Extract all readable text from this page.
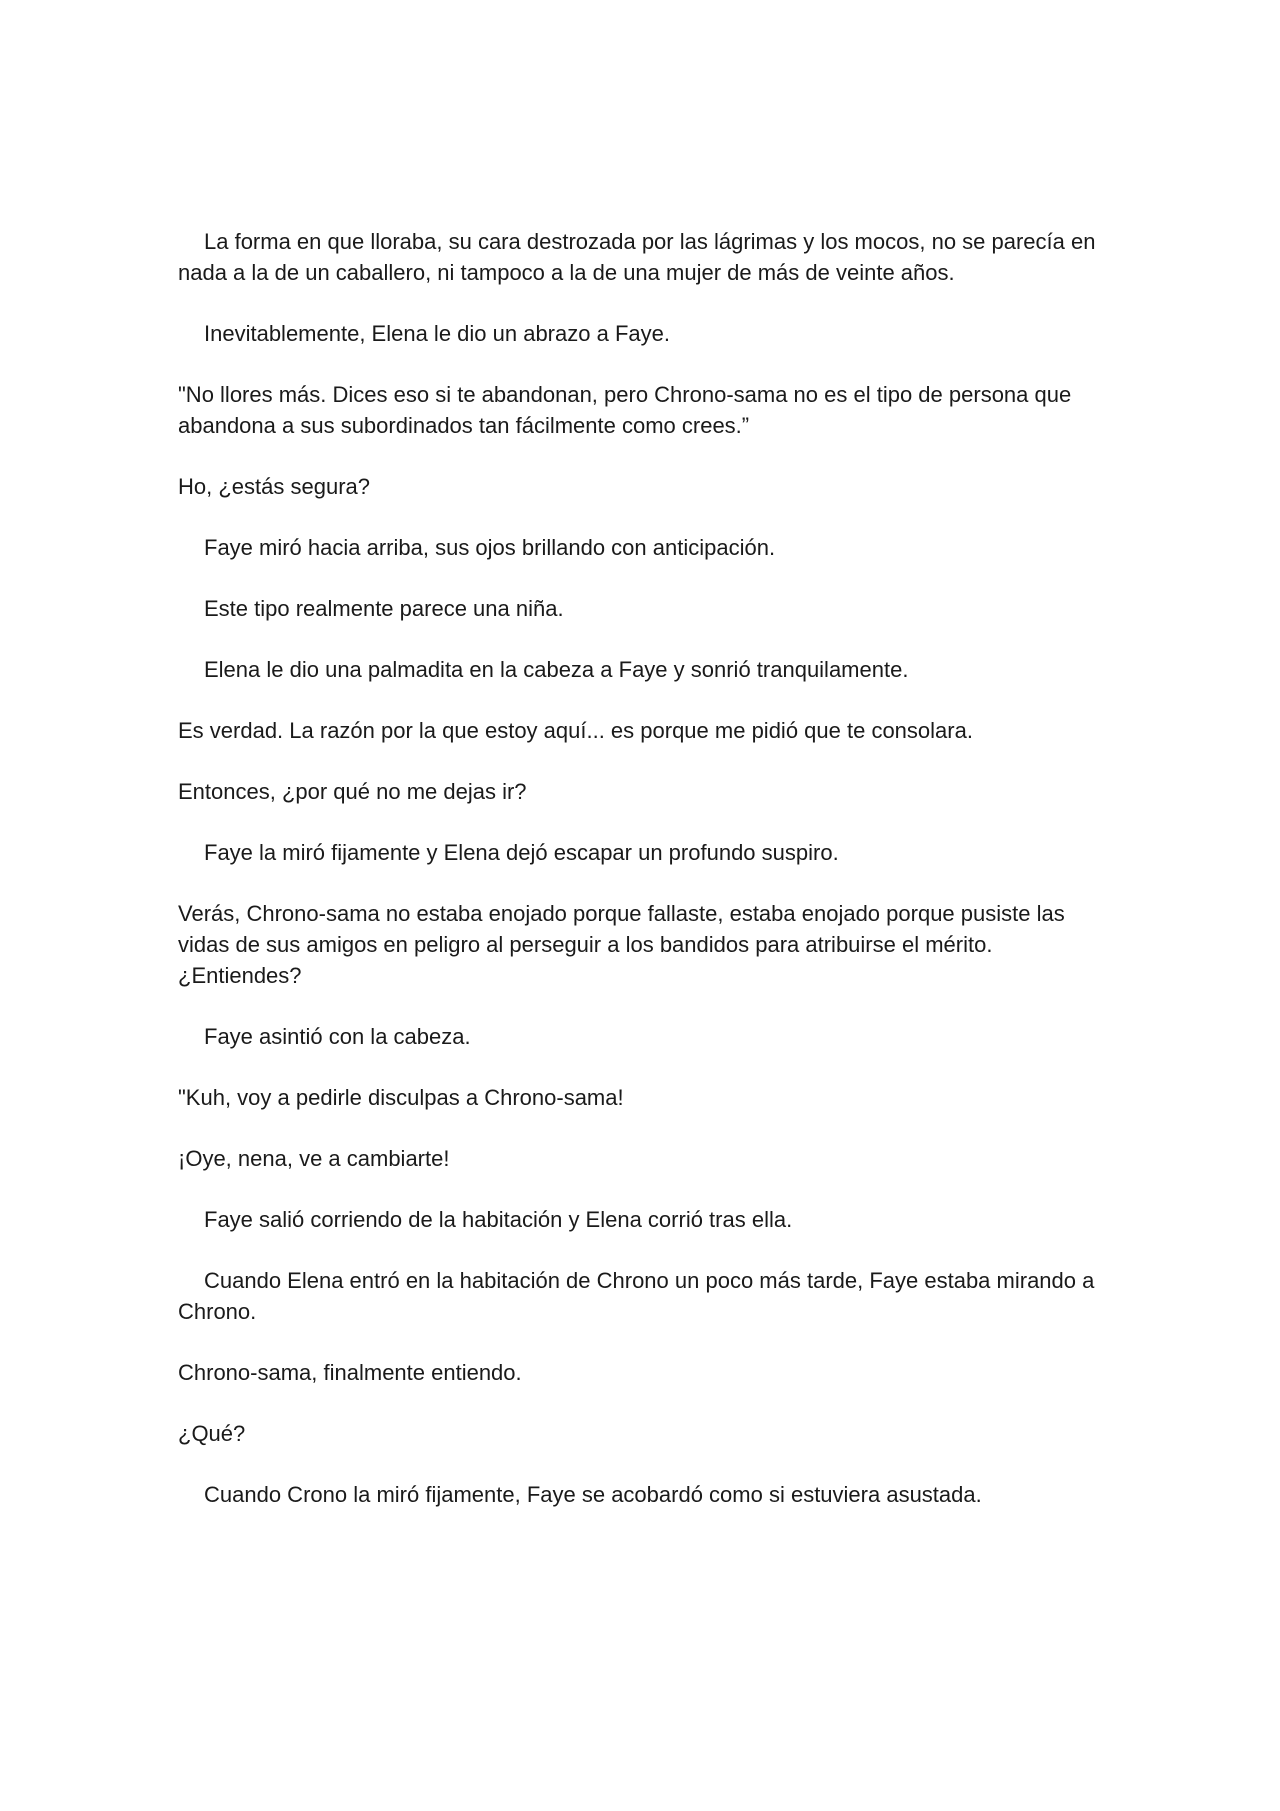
La forma en que lloraba, su cara destrozada por las lágrimas y los mocos, no se parecía en nada a la de un caballero, ni tampoco a la de una mujer de más de veinte años.

Inevitablemente, Elena le dio un abrazo a Faye.

"No llores más. Dices eso si te abandonan, pero Chrono-sama no es el tipo de persona que abandona a sus subordinados tan fácilmente como crees.”

Ho, ¿estás segura?

Faye miró hacia arriba, sus ojos brillando con anticipación.

Este tipo realmente parece una niña.

Elena le dio una palmadita en la cabeza a Faye y sonrió tranquilamente.

Es verdad. La razón por la que estoy aquí... es porque me pidió que te consolara.

Entonces, ¿por qué no me dejas ir?

Faye la miró fijamente y Elena dejó escapar un profundo suspiro.

Verás, Chrono-sama no estaba enojado porque fallaste, estaba enojado porque pusiste las vidas de sus amigos en peligro al perseguir a los bandidos para atribuirse el mérito. ¿Entiendes?

Faye asintió con la cabeza.

"Kuh, voy a pedirle disculpas a Chrono-sama!

¡Oye, nena, ve a cambiarte!

Faye salió corriendo de la habitación y Elena corrió tras ella.

Cuando Elena entró en la habitación de Chrono un poco más tarde, Faye estaba mirando a Chrono.

Chrono-sama, finalmente entiendo.

¿Qué?

Cuando Crono la miró fijamente, Faye se acobardó como si estuviera asustada.
